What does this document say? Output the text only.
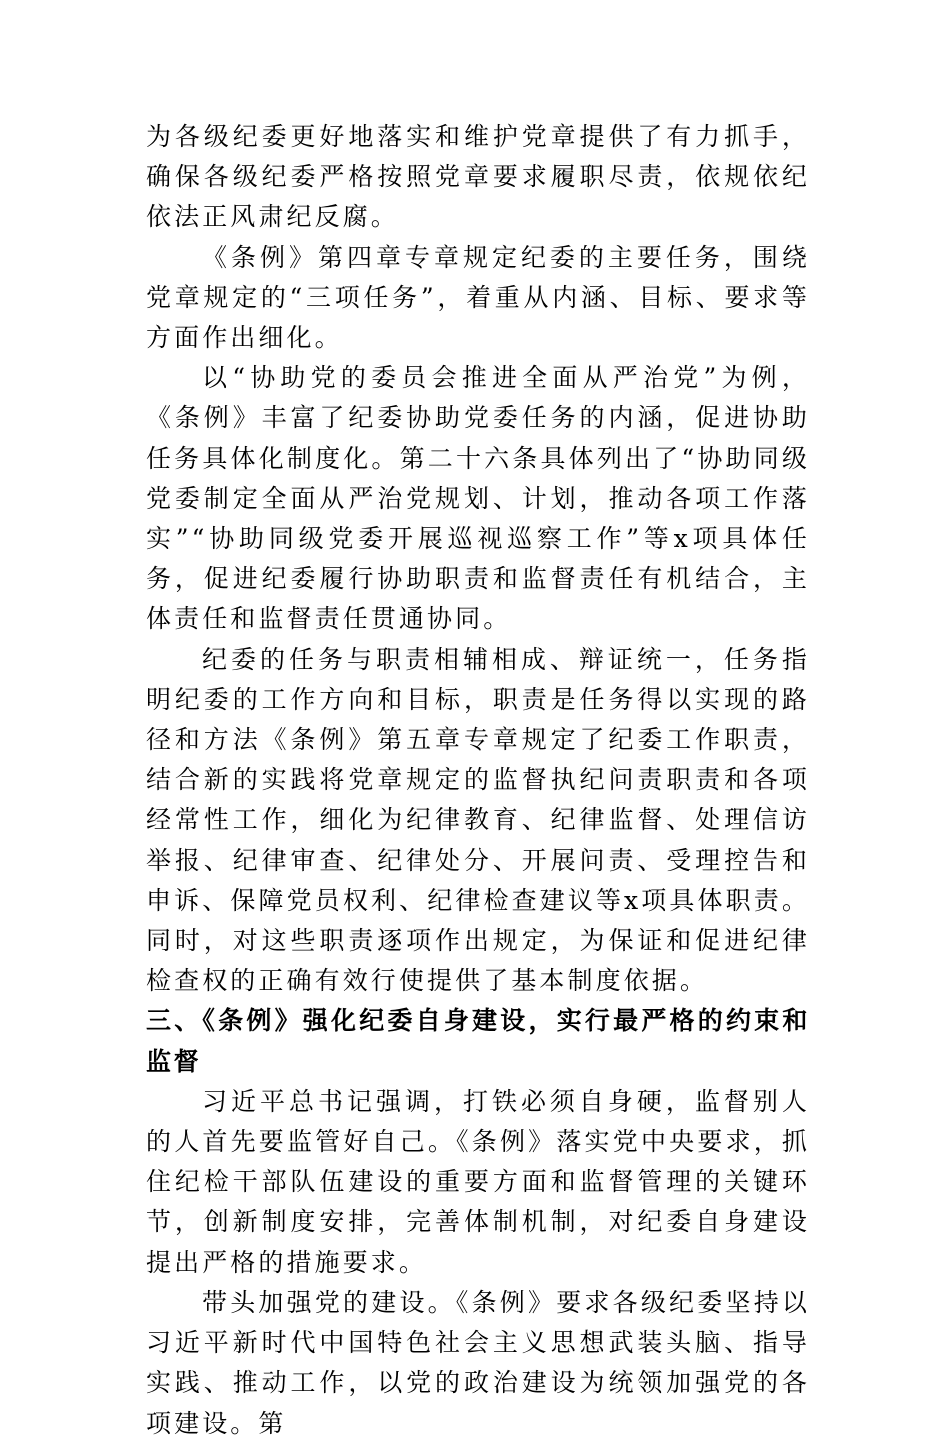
为各级纪委更好地落实和维护党章提供了有力抓手，确保各级纪委严格按照党章要求履职尽责，依规依纪依法正风肃纪反腐。

《条例》第四章专章规定纪委的主要任务，围绕党章规定的“三项任务”，着重从内涵、目标、要求等方面作出细化。

以“协助党的委员会推进全面从严治党”为例，《条例》丰富了纪委协助党委任务的内涵，促进协助任务具体化制度化。第二十六条具体列出了“协助同级党委制定全面从严治党规划、计划，推动各项工作落实”“协助同级党委开展巡视巡察工作”等x项具体任务，促进纪委履行协助职责和监督责任有机结合，主体责任和监督责任贯通协同。

纪委的任务与职责相辅相成、辩证统一，任务指明纪委的工作方向和目标，职责是任务得以实现的路径和方法《条例》第五章专章规定了纪委工作职责，结合新的实践将党章规定的监督执纪问责职责和各项经常性工作，细化为纪律教育、纪律监督、处理信访举报、纪律审查、纪律处分、开展问责、受理控告和申诉、保障党员权利、纪律检查建议等x项具体职责。同时，对这些职责逐项作出规定，为保证和促进纪律检查权的正确有效行使提供了基本制度依据。

三、《条例》强化纪委自身建设，实行最严格的约束和监督

习近平总书记强调，打铁必须自身硬，监督别人的人首先要监管好自己。《条例》落实党中央要求，抓住纪检干部队伍建设的重要方面和监督管理的关键环节，创新制度安排，完善体制机制，对纪委自身建设提出严格的措施要求。

带头加强党的建设。《条例》要求各级纪委坚持以习近平新时代中国特色社会主义思想武装头脑、指导实践、推动工作，以党的政治建设为统领加强党的各项建设。第
